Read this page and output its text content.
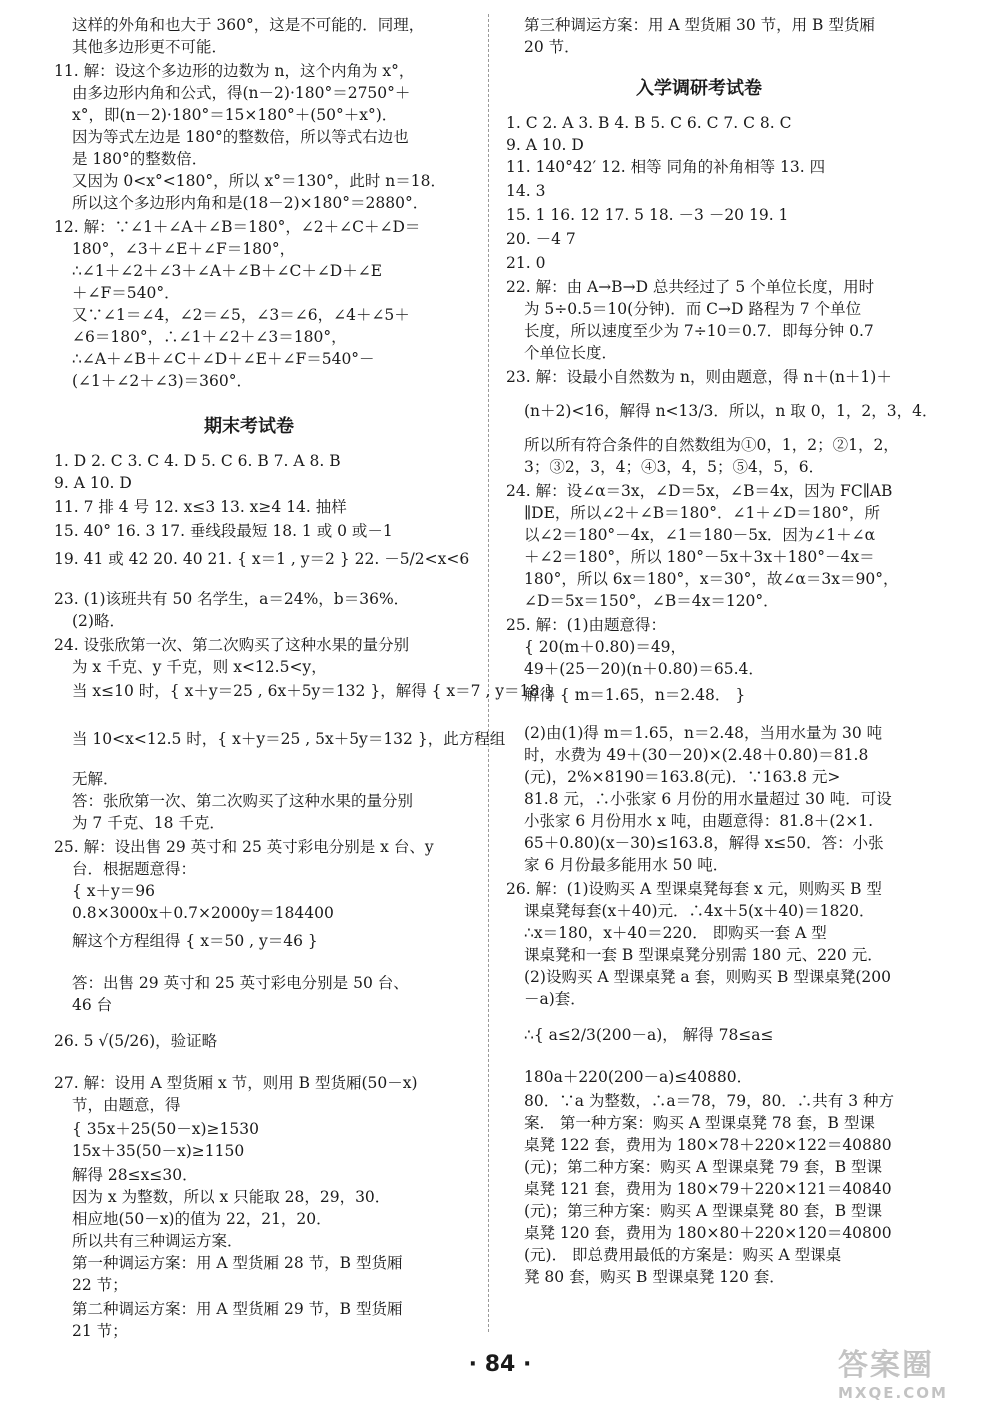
这样的外角和也大于 360°，这是不可能的．同理，
其他多边形更不可能．
11. 解：设这个多边形的边数为 n，这个内角为 x°，
由多边形内角和公式，得(n－2)·180°＝2750°＋
x°，即(n－2)·180°＝15×180°＋(50°＋x°)．
因为等式左边是 180°的整数倍，所以等式右边也
是 180°的整数倍．
又因为 0<x°<180°，所以 x°＝130°，此时 n＝18．
所以这个多边形内角和是(18－2)×180°＝2880°．
12. 解：∵∠1＋∠A＋∠B＝180°，∠2＋∠C＋∠D＝
180°，∠3＋∠E＋∠F＝180°，
∴∠1＋∠2＋∠3＋∠A＋∠B＋∠C＋∠D＋∠E
＋∠F＝540°．
又∵∠1＝∠4，∠2＝∠5，∠3＝∠6，∠4＋∠5＋
∠6＝180°，∴∠1＋∠2＋∠3＝180°，
∴∠A＋∠B＋∠C＋∠D＋∠E＋∠F＝540°－
(∠1＋∠2＋∠3)＝360°．
期末考试卷
1. D 2. C 3. C 4. D 5. C 6. B 7. A 8. B
9. A 10. D
11. 7 排 4 号 12. x≤3 13. x≥4 14. 抽样
15. 40° 16. 3 17. 垂线段最短 18. 1 或 0 或－1
19. 41 或 42 20. 40 21. { x＝1 , y＝2 } 22. －5/2<x<6
23. (1)该班共有 50 名学生，a＝24%，b＝36%．
(2)略．
24. 设张欣第一次、第二次购买了这种水果的量分别
为 x 千克、y 千克，则 x<12.5<y，
当 x≤10 时，{ x＋y＝25 , 6x＋5y＝132 }，解得 { x＝7 , y＝18 }
当 10<x<12.5 时，{ x＋y＝25 , 5x＋5y＝132 }，此方程组
无解．
答：张欣第一次、第二次购买了这种水果的量分别
为 7 千克、18 千克．
25. 解：设出售 29 英寸和 25 英寸彩电分别是 x 台、y
台．根据题意得：
{ x＋y＝96
0.8×3000x＋0.7×2000y＝184400
解这个方程组得 { x＝50 , y＝46 }
答：出售 29 英寸和 25 英寸彩电分别是 50 台、
46 台
26. 5 √(5/26)，验证略
27. 解：设用 A 型货厢 x 节，则用 B 型货厢(50－x)
节，由题意，得
{ 35x＋25(50－x)≥1530
15x＋35(50－x)≥1150
解得 28≤x≤30．
因为 x 为整数，所以 x 只能取 28，29，30．
相应地(50－x)的值为 22，21，20．
所以共有三种调运方案．
第一种调运方案：用 A 型货厢 28 节，B 型货厢
22 节；
第二种调运方案：用 A 型货厢 29 节，B 型货厢
21 节；
第三种调运方案：用 A 型货厢 30 节，用 B 型货厢
20 节．
入学调研考试卷
1. C 2. A 3. B 4. B 5. C 6. C 7. C 8. C
9. A 10. D
11. 140°42′ 12. 相等 同角的补角相等 13. 四
14. 3
15. 1 16. 12 17. 5 18. －3 －20 19. 1
20. －4 7
21. 0
22. 解：由 A→B→D 总共经过了 5 个单位长度，用时
为 5÷0.5＝10(分钟)．而 C→D 路程为 7 个单位
长度，所以速度至少为 7÷10＝0.7．即每分钟 0.7
个单位长度．
23. 解：设最小自然数为 n，则由题意，得 n＋(n＋1)＋
(n＋2)<16，解得 n<13/3．所以，n 取 0，1，2，3，4．
所以所有符合条件的自然数组为①0，1，2；②1，2，
3；③2，3，4；④3，4，5；⑤4，5，6．
24. 解：设∠α＝3x，∠D＝5x，∠B＝4x，因为 FC∥AB
∥DE，所以∠2＋∠B＝180°．∠1＋∠D＝180°，所
以∠2＝180°－4x，∠1＝180－5x．因为∠1＋∠α
＋∠2＝180°，所以 180°－5x＋3x＋180°－4x＝
180°，所以 6x＝180°，x＝30°，故∠α＝3x＝90°，
∠D＝5x＝150°，∠B＝4x＝120°．
25. 解：(1)由题意得：
{ 20(m＋0.80)＝49，
49＋(25－20)(n＋0.80)＝65.4．
解得 { m＝1.65，n＝2.48． }
(2)由(1)得 m＝1.65，n＝2.48，当用水量为 30 吨
时，水费为 49＋(30－20)×(2.48＋0.80)＝81.8
(元)，2%×8190＝163.8(元)．∵163.8 元>
81.8 元，∴小张家 6 月份的用水量超过 30 吨．可设
小张家 6 月份用水 x 吨，由题意得：81.8＋(2×1.
65＋0.80)(x－30)≤163.8，解得 x≤50．答：小张
家 6 月份最多能用水 50 吨．
26. 解：(1)设购买 A 型课桌凳每套 x 元，则购买 B 型
课桌凳每套(x＋40)元．∴4x＋5(x＋40)＝1820．
∴x＝180，x＋40＝220． 即购买一套 A 型
课桌凳和一套 B 型课桌凳分别需 180 元、220 元．
(2)设购买 A 型课桌凳 a 套，则购买 B 型课桌凳(200
－a)套．
∴{ a≤2/3(200－a)， 解得 78≤a≤
180a＋220(200－a)≤40880．
80．∵a 为整数，∴a＝78，79，80．∴共有 3 种方
案． 第一种方案：购买 A 型课桌凳 78 套，B 型课
桌凳 122 套，费用为 180×78＋220×122＝40880
(元)；第二种方案：购买 A 型课桌凳 79 套，B 型课
桌凳 121 套，费用为 180×79＋220×121＝40840
(元)；第三种方案：购买 A 型课桌凳 80 套，B 型课
桌凳 120 套，费用为 180×80＋220×120＝40800
(元)． 即总费用最低的方案是：购买 A 型课桌
凳 80 套，购买 B 型课桌凳 120 套．
· 84 ·	答案圈
MXQE.COM
